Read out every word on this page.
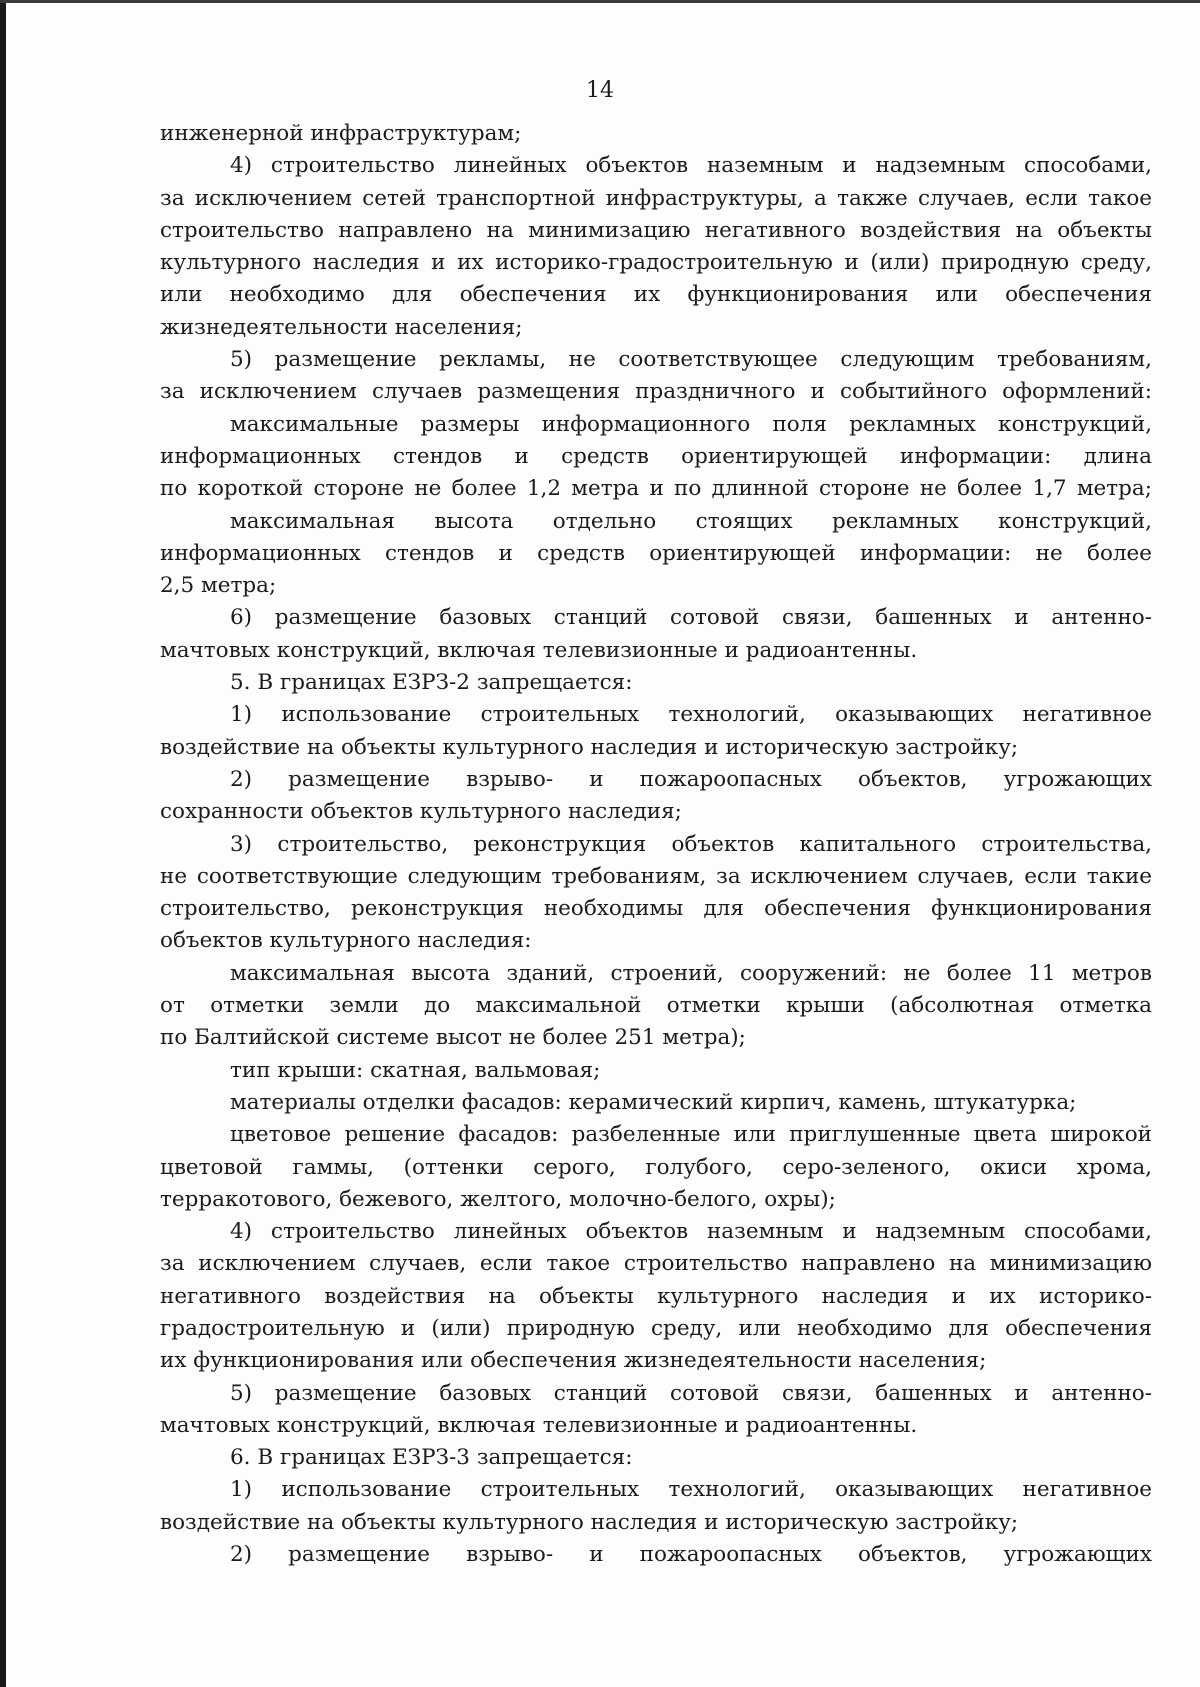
14
инженерной инфраструктурам;
4) строительство линейных объектов наземным и надземным способами,
за исключением сетей транспортной инфраструктуры, а также случаев, если такое
строительство направлено на минимизацию негативного воздействия на объекты
культурного наследия и их историко-градостроительную и (или) природную среду,
или необходимо для обеспечения их функционирования или обеспечения
жизнедеятельности населения;
5) размещение рекламы, не соответствующее следующим требованиям,
за исключением случаев размещения праздничного и событийного оформлений:
максимальные размеры информационного поля рекламных конструкций,
информационных стендов и средств ориентирующей информации: длина
по короткой стороне не более 1,2 метра и по длинной стороне не более 1,7 метра;
максимальная высота отдельно стоящих рекламных конструкций,
информационных стендов и средств ориентирующей информации: не более
2,5 метра;
6) размещение базовых станций сотовой связи, башенных и антенно-
мачтовых конструкций, включая телевизионные и радиоантенны.
5. В границах ЕЗРЗ-2 запрещается:
1) использование строительных технологий, оказывающих негативное
воздействие на объекты культурного наследия и историческую застройку;
2) размещение взрыво- и пожароопасных объектов, угрожающих
сохранности объектов культурного наследия;
3) строительство, реконструкция объектов капитального строительства,
не соответствующие следующим требованиям, за исключением случаев, если такие
строительство, реконструкция необходимы для обеспечения функционирования
объектов культурного наследия:
максимальная высота зданий, строений, сооружений: не более 11 метров
от отметки земли до максимальной отметки крыши (абсолютная отметка
по Балтийской системе высот не более 251 метра);
тип крыши: скатная, вальмовая;
материалы отделки фасадов: керамический кирпич, камень, штукатурка;
цветовое решение фасадов: разбеленные или приглушенные цвета широкой
цветовой гаммы, (оттенки серого, голубого, серо-зеленого, окиси хрома,
терракотового, бежевого, желтого, молочно-белого, охры);
4) строительство линейных объектов наземным и надземным способами,
за исключением случаев, если такое строительство направлено на минимизацию
негативного воздействия на объекты культурного наследия и их историко-
градостроительную и (или) природную среду, или необходимо для обеспечения
их функционирования или обеспечения жизнедеятельности населения;
5) размещение базовых станций сотовой связи, башенных и антенно-
мачтовых конструкций, включая телевизионные и радиоантенны.
6. В границах ЕЗРЗ-3 запрещается:
1) использование строительных технологий, оказывающих негативное
воздействие на объекты культурного наследия и историческую застройку;
2) размещение взрыво- и пожароопасных объектов, угрожающих
